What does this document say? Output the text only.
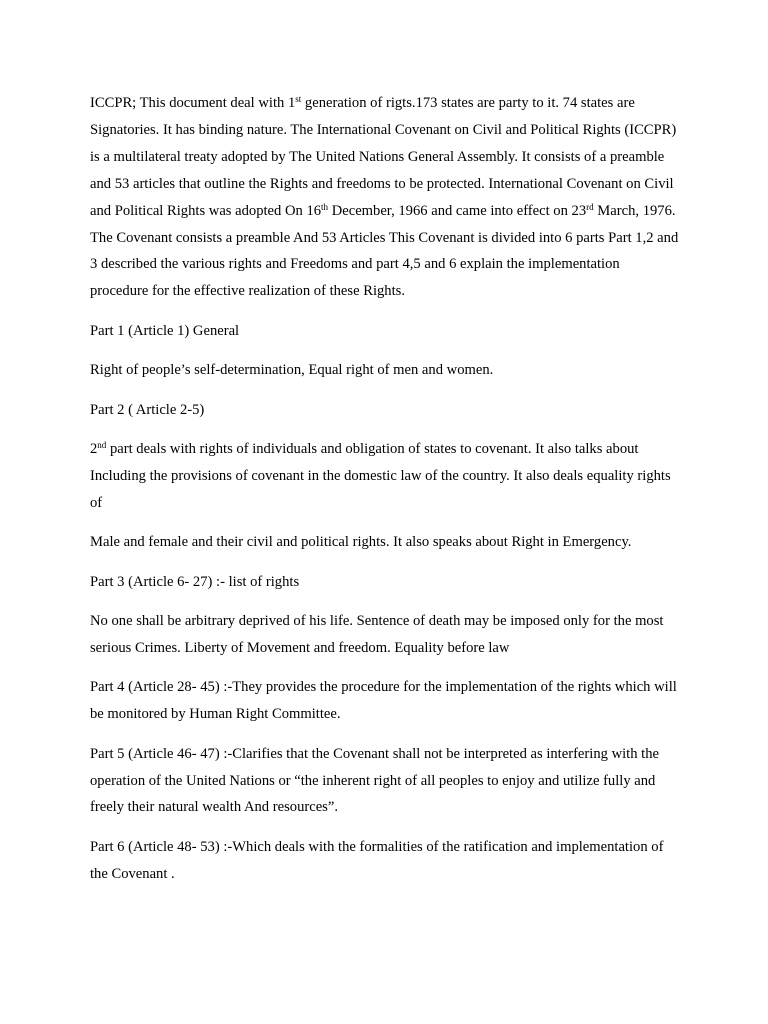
ICCPR; This document deal with 1st generation of rigts.173 states are party to it. 74 states are Signatories. It has binding nature. The International Covenant on Civil and Political Rights (ICCPR) is a multilateral treaty adopted by The United Nations General Assembly. It consists of a preamble and 53 articles that outline the Rights and freedoms to be protected. International Covenant on Civil and Political Rights was adopted On 16th December, 1966 and came into effect on 23rd March, 1976. The Covenant consists a preamble And 53 Articles This Covenant is divided into 6 parts Part 1,2 and 3 described the various rights and Freedoms and part 4,5 and 6 explain the implementation procedure for the effective realization of these Rights.

Part 1 (Article 1) General

Right of people’s self-determination, Equal right of men and women.

Part 2 ( Article 2-5)

2nd part deals with rights of individuals and obligation of states to covenant. It also talks about Including the provisions of covenant in the domestic law of the country. It also deals equality rights of

Male and female and their civil and political rights. It also speaks about Right in Emergency.

Part 3 (Article 6- 27) :- list of rights

No one shall be arbitrary deprived of his life. Sentence of death may be imposed only for the most serious Crimes. Liberty of Movement and freedom. Equality before law

Part 4 (Article 28- 45) :-They provides the procedure for the implementation of the rights which will be monitored by Human Right Committee.

Part 5 (Article 46- 47) :-Clarifies that the Covenant shall not be interpreted as interfering with the operation of the United Nations or “the inherent right of all peoples to enjoy and utilize fully and freely their natural wealth And resources”.

Part 6 (Article 48- 53) :-Which deals with the formalities of the ratification and implementation of the Covenant .
